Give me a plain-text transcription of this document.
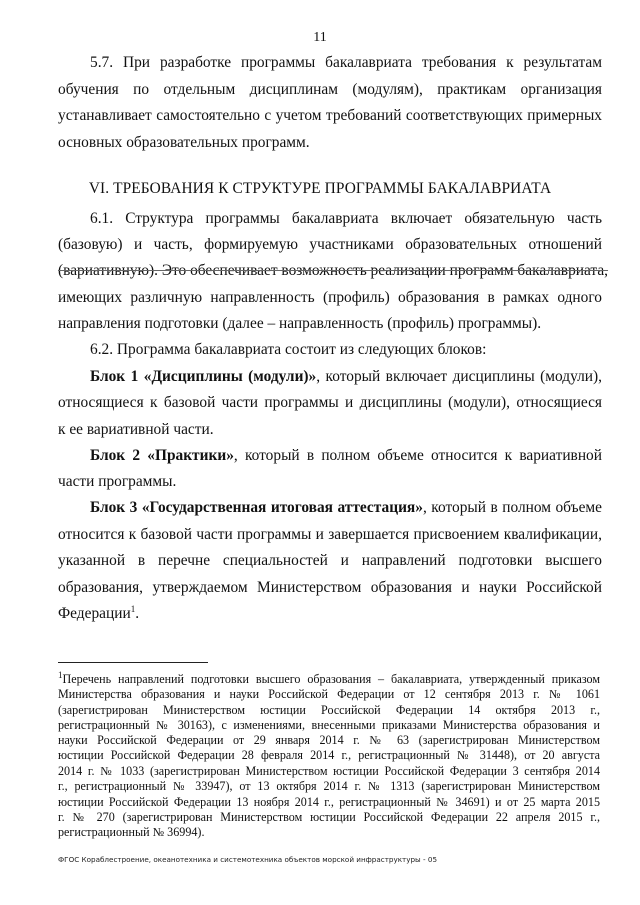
11
5.7. При разработке программы бакалавриата требования к результатам
обучения по отдельным дисциплинам (модулям), практикам организация
устанавливает самостоятельно с учетом требований соответствующих примерных
основных образовательных программ.
VI. ТРЕБОВАНИЯ К СТРУКТУРЕ ПРОГРАММЫ БАКАЛАВРИАТА
6.1. Структура программы бакалавриата включает обязательную часть
(базовую) и часть, формируемую участниками образовательных отношений
(вариативную). Это обеспечивает возможность реализации программ бакалавриата,
имеющих различную направленность (профиль) образования в рамках одного
направления подготовки (далее – направленность (профиль) программы).
6.2. Программа бакалавриата состоит из следующих блоков:
Блок 1 «Дисциплины (модули)», который включает дисциплины (модули),
относящиеся к базовой части программы и дисциплины (модули), относящиеся
к ее вариативной части.
Блок 2 «Практики», который в полном объеме относится к вариативной
части программы.
Блок 3 «Государственная итоговая аттестация», который в полном объеме
относится к базовой части программы и завершается присвоением квалификации,
указанной в перечне специальностей и направлений подготовки высшего
образования, утверждаемом Министерством образования и науки Российской
Федерации$^1$.
$^1$Перечень направлений подготовки высшего образования – бакалавриата, утвержденный приказом
Министерства образования и науки Российской Федерации от 12 сентября 2013 г. № 1061
(зарегистрирован Министерством юстиции Российской Федерации 14 октября 2013 г.,
регистрационный № 30163), с изменениями, внесенными приказами Министерства образования и
науки Российской Федерации от 29 января 2014 г. № 63 (зарегистрирован Министерством
юстиции Российской Федерации 28 февраля 2014 г., регистрационный № 31448), от 20 августа
2014 г. № 1033 (зарегистрирован Министерством юстиции Российской Федерации 3 сентября 2014
г., регистрационный № 33947), от 13 октября 2014 г. № 1313 (зарегистрирован Министерством
юстиции Российской Федерации 13 ноября 2014 г., регистрационный № 34691) и от 25 марта 2015
г. № 270 (зарегистрирован Министерством юстиции Российской Федерации 22 апреля 2015 г.,
регистрационный № 36994).
ФГОС Кораблестроение, океанотехника и системотехника объектов морской инфраструктуры - 05
